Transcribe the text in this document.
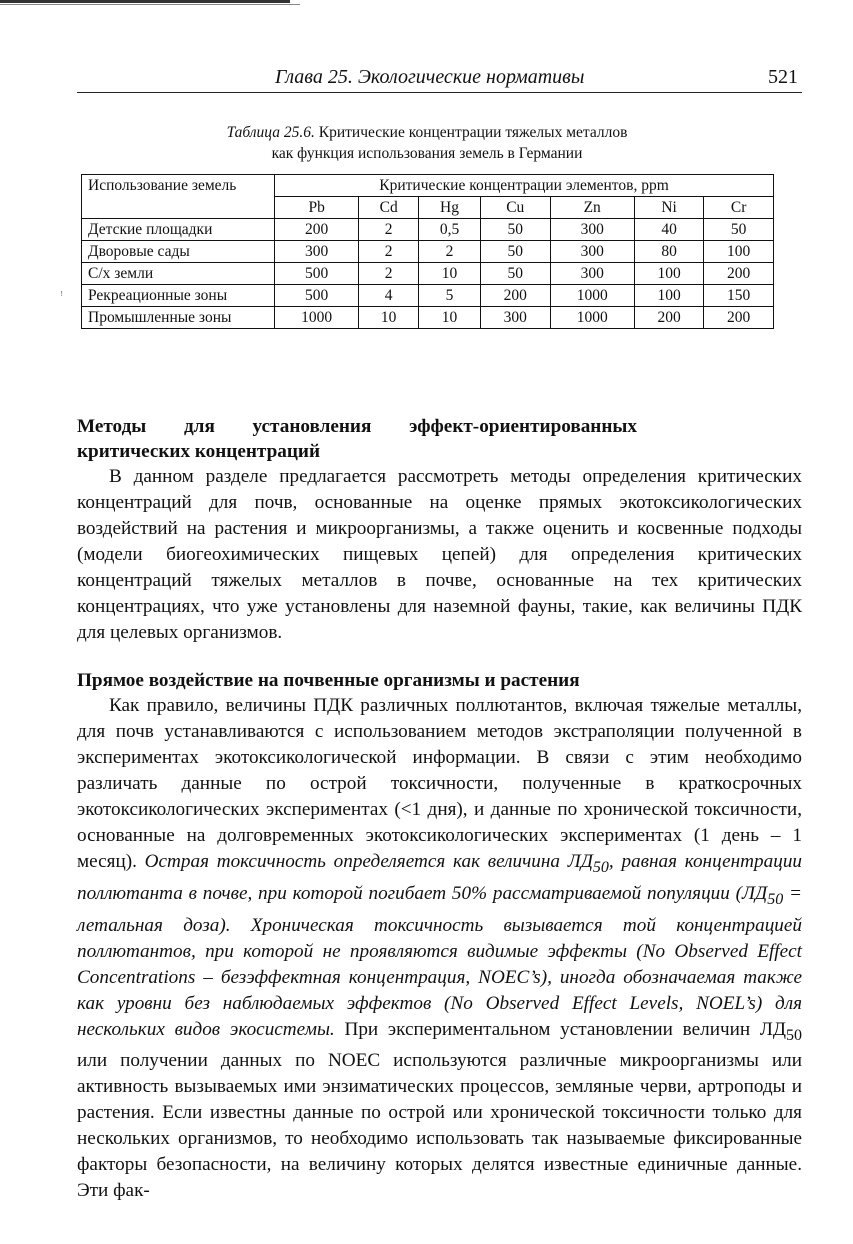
Глава 25. Экологические нормативы	521
Таблица 25.6. Критические концентрации тяжелых металлов
как функция использования земель в Германии
Использование земель	Критические концентрации элементов, ppm						
	Pb	Cd	Hg	Cu	Zn	Ni	Cr
Детские площадки	200	2	0,5	50	300	40	50
Дворовые сады	300	2	2	50	300	80	100
С/х земли	500	2	10	50	300	100	200
Рекреационные зоны	500	4	5	200	1000	100	150
Промышленные зоны	1000	10	10	300	1000	200	200
ꜝ
Методы для установления эффект-ориентированных критических концентраций

В данном разделе предлагается рассмотреть методы определения критических концентраций для почв, основанные на оценке прямых экотоксикологических воздействий на растения и микроорганизмы, а также оценить и косвенные подходы (модели биогеохимических пищевых цепей) для определения критических концентраций тяжелых металлов в почве, основанные на тех критических концентрациях, что уже установлены для наземной фауны, такие, как величины ПДК для целевых организмов.

Прямое воздействие на почвенные организмы и растения

Как правило, величины ПДК различных поллютантов, включая тяжелые металлы, для почв устанавливаются с использованием методов экстраполяции полученной в экспериментах экотоксикологической информации. В связи с этим необходимо различать данные по острой токсичности, полученные в краткосрочных экотоксикологических экспериментах (<1 дня), и данные по хронической токсичности, основанные на долговременных экотоксикологических экспериментах (1 день – 1 месяц). Острая токсичность определяется как величина $ЛД_{50}$, равная концентрации поллютанта в почве, при которой погибает 50% рассматриваемой популяции ($ЛД_{50}$ = летальная доза). Хроническая токсичность вызывается той концентрацией поллютантов, при которой не проявляются видимые эффекты (No Observed Effect Concentrations – безэффектная концентрация, NOEC’s), иногда обозначаемая также как уровни без наблюдаемых эффектов (No Observed Effect Levels, NOEL’s) для нескольких видов экосистемы. При экспериментальном установлении величин $ЛД_{50}$ или получении данных по NOEC используются различные микроорганизмы или активность вызываемых ими энзиматических процессов, земляные черви, артроподы и растения. Если известны данные по острой или хронической токсичности только для нескольких организмов, то необходимо использовать так называемые фиксированные факторы безопасности, на величину которых делятся известные единичные данные. Эти фак-
